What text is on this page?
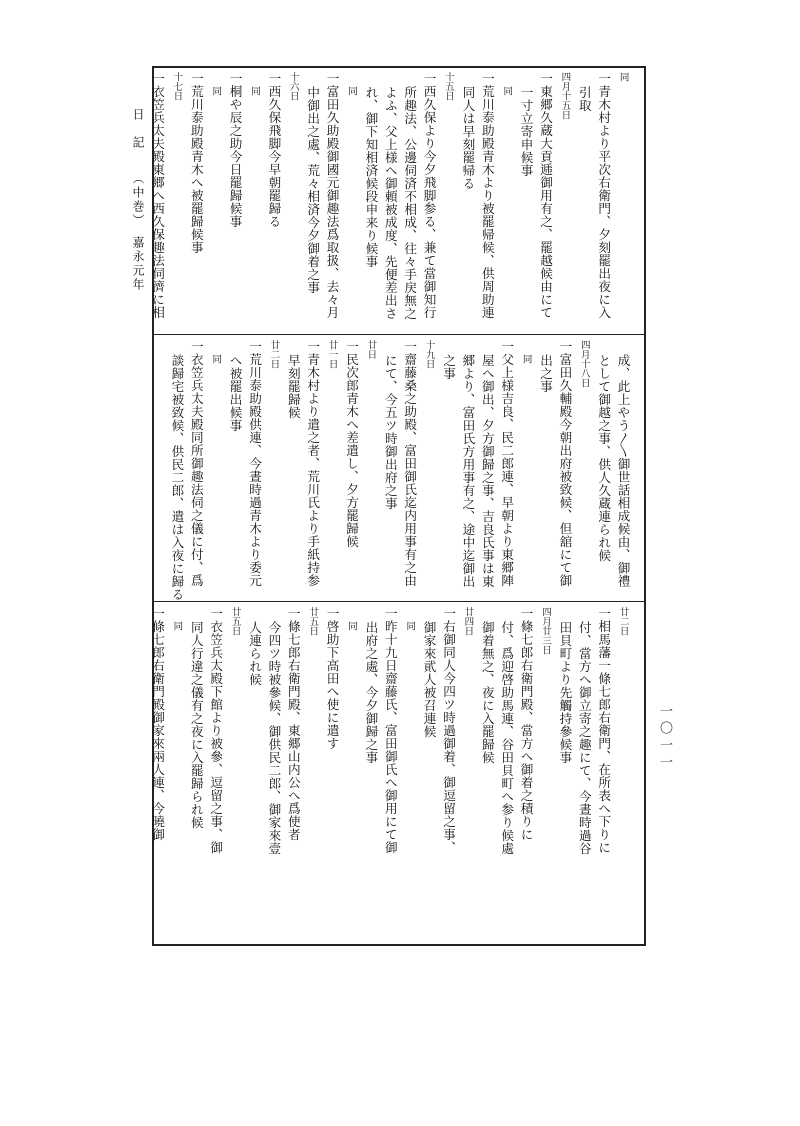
同
一青木村より平次右衛門、夕刻罷出夜に入
引取
四月十五日
一東郷久蔵大貢逓御用有之、罷越候由にて
一寸立寄申候事
同
一荒川泰助殿青木より被罷帰候、供周助連
同人は早刻罷帰る
十五日
一西久保より今夕飛脚参る、兼て當御知行
所趣法、公邊伺済不相成、往々手戻無之
よふ、父上様へ御頼被成度、先便差出さ
れ、御下知相済候段申来り候事
同
一富田久助殿御國元御趣法爲取扱、去々月
中御出之處、荒々相済今夕御着之事
十六日
一西久保飛脚今早朝罷歸る
同
一桐や辰之助今日罷歸候事
同
一荒川泰助殿青木へ被罷歸候事
十七日
一衣笠兵太夫殿東郷へ西久保趣法伺濟に相
成、此上やう〳〵御世話相成候由、御禮
として御越之事、供人久蔵連られ候
四月十八日
一富田久輔殿今朝出府被致候、但舘にて御
出之事
同
一父上様吉良、民二郎連、早朝より東郷陣
屋へ御出、夕方御歸之事、吉良氏事は東
郷より、富田氏方用事有之、途中迄御出
之事
十九日
一齋藤桑之助殿、富田御氏迄内用事有之由
にて、今五ツ時御出府之事
廿日
一民次郎青木へ差遣し、夕方罷歸候
廿一日
一青木村より遣之者、荒川氏より手紙持参
早刻罷歸候
廿二日
一荒川泰助殿供連、今晝時過青木より委元
へ被罷出候事
同
一衣笠兵太夫殿同所御趣法伺之儀に付、爲
談歸宅被致候、供民二郎、遣は入夜に歸る
廿二日
一相馬藩一條七郎右衛門、在所表へ下りに
付、當方へ御立寄之趣にて、今晝時過谷
田貝町より先觸持參候事
四月廿三日
一條七郎右衛門殿、當方へ御着之積りに
付、爲迎啓助馬連、谷田貝町へ参り候處
御着無之、夜に入罷歸候
廿四日
一右御同人今四ツ時過御着、御逗留之事、
御家來貮人被召連候
同
一昨十九日齋藤氏、富田御氏へ御用にて御
出府之處、今夕御歸之事
同
一啓助下高田へ使に遣す
廿五日
一條七郎右衛門殿、東郷山内公へ爲使者
今四ツ時被參候、御供民二郎、御家來壹
人連られ候
廿五日
一衣笠兵太殿下館より被參、逗留之事、御
同人行違之儀有之夜に入罷歸られ候
同
一條七郎右衛門殿御家來兩人連、今曉御
日　記
（中巻）　嘉永元年
一〇一一
